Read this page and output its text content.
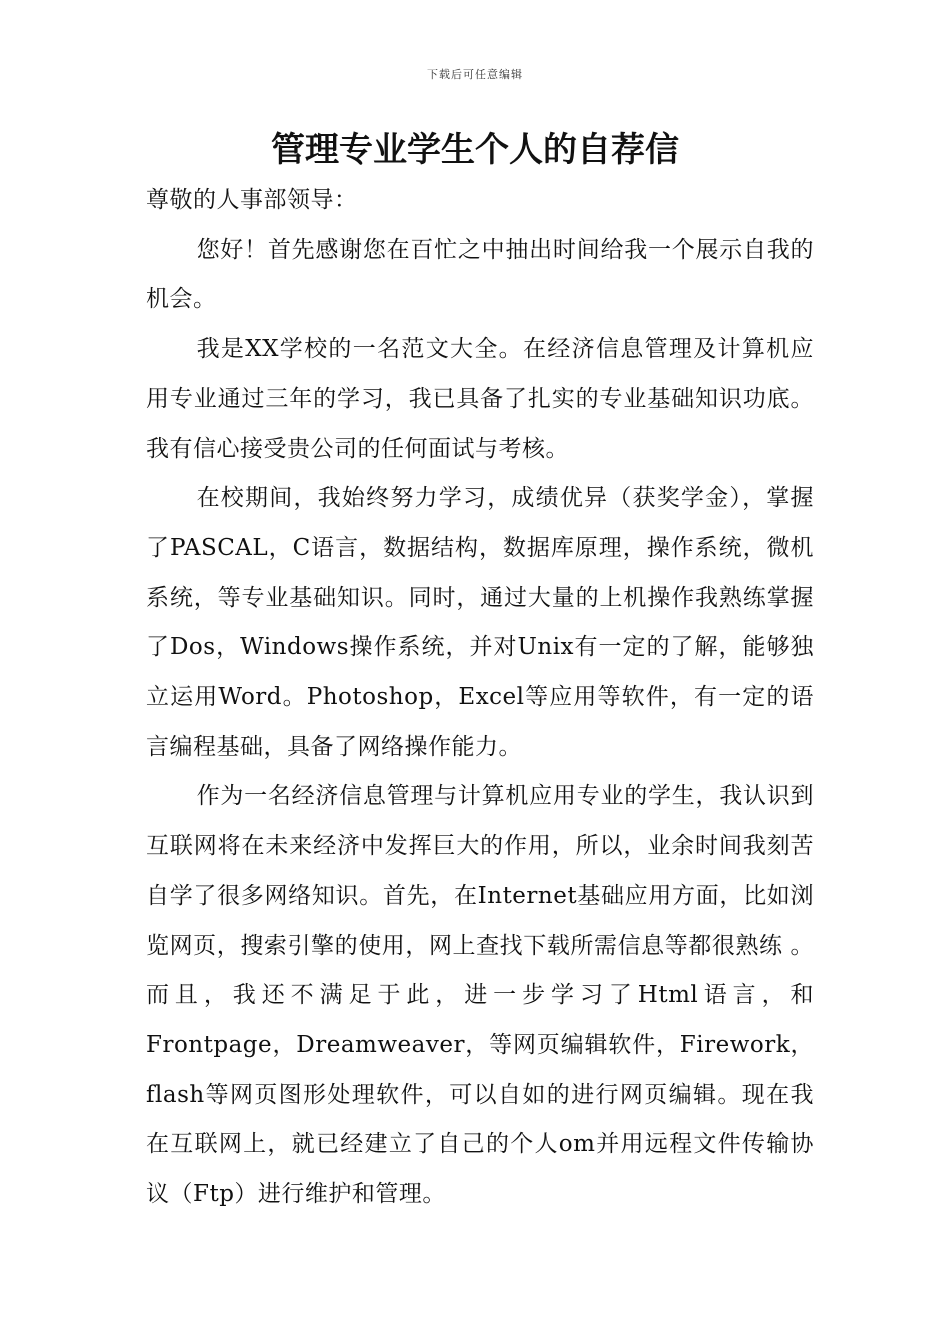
下载后可任意编辑
管理专业学生个人的自荐信

尊敬的人事部领导：

您好！首先感谢您在百忙之中抽出时间给我一个展示自我的机会。

我是XX学校的一名范文大全。在经济信息管理及计算机应用专业通过三年的学习，我已具备了扎实的专业基础知识功底。我有信心接受贵公司的任何面试与考核。

在校期间，我始终努力学习，成绩优异（获奖学金），掌握了PASCAL，C语言，数据结构，数据库原理，操作系统，微机系统，等专业基础知识。同时，通过大量的上机操作我熟练掌握了Dos，Windows操作系统，并对Unix有一定的了解，能够独立运用Word。Photoshop，Excel等应用等软件，有一定的语言编程基础，具备了网络操作能力。

作为一名经济信息管理与计算机应用专业的学生，我认识到互联网将在未来经济中发挥巨大的作用，所以，业余时间我刻苦自学了很多网络知识。首先，在Internet基础应用方面，比如浏览网页，搜索引擎的使用，网上查找下载所需信息等都很熟练 。而且，我还不满足于此，进一步学习了Html语言，和Frontpage，Dreamweaver，等网页编辑软件，Firework，flash等网页图形处理软件，可以自如的进行网页编辑。现在我在互联网上，就已经建立了自己的个人om并用远程文件传输协议（Ftp）进行维护和管理。
